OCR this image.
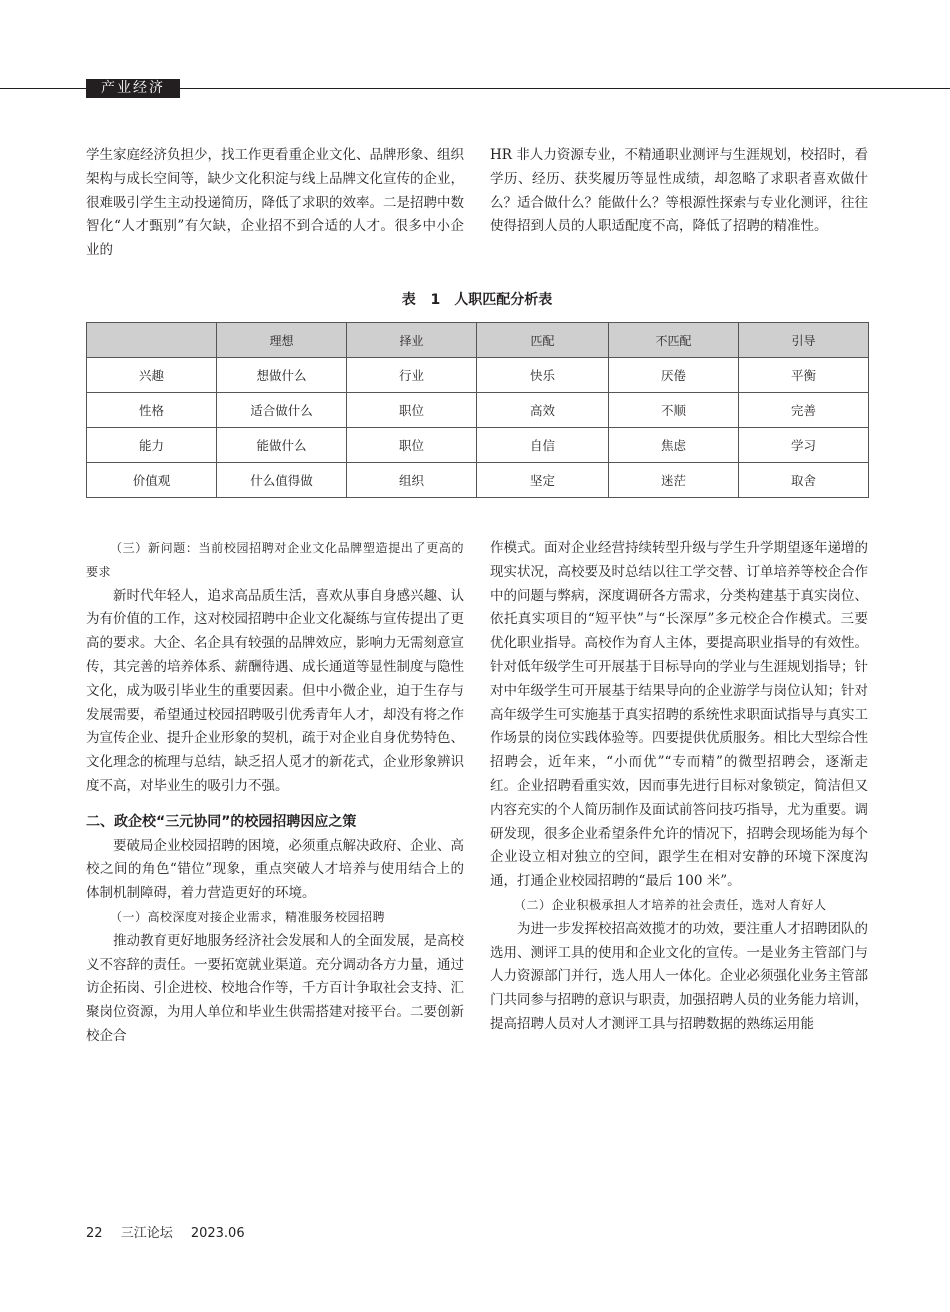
产业经济

学生家庭经济负担少，找工作更看重企业文化、品牌形象、组织架构与成长空间等，缺少文化积淀与线上品牌文化宣传的企业，很难吸引学生主动投递简历，降低了求职的效率。二是招聘中数智化“人才甄别”有欠缺，企业招不到合适的人才。很多中小企业的

HR 非人力资源专业，不精通职业测评与生涯规划，校招时，看学历、经历、获奖履历等显性成绩，却忽略了求职者喜欢做什么？适合做什么？能做什么？等根源性探索与专业化测评，往往使得招到人员的人职适配度不高，降低了招聘的精准性。

表 1　人职匹配分析表
	理想	择业	匹配	不匹配	引导
兴趣	想做什么	行业	快乐	厌倦	平衡
性格	适合做什么	职位	高效	不顺	完善
能力	能做什么	职位	自信	焦虑	学习
价值观	什么值得做	组织	坚定	迷茫	取舍

（三）新问题：当前校园招聘对企业文化品牌塑造提出了更高的要求

新时代年轻人，追求高品质生活，喜欢从事自身感兴趣、认为有价值的工作，这对校园招聘中企业文化凝练与宣传提出了更高的要求。大企、名企具有较强的品牌效应，影响力无需刻意宣传，其完善的培养体系、薪酬待遇、成长通道等显性制度与隐性文化，成为吸引毕业生的重要因素。但中小微企业，迫于生存与发展需要，希望通过校园招聘吸引优秀青年人才，却没有将之作为宣传企业、提升企业形象的契机，疏于对企业自身优势特色、文化理念的梳理与总结，缺乏招人觅才的新花式，企业形象辨识度不高，对毕业生的吸引力不强。

二、政企校“三元协同”的校园招聘因应之策

要破局企业校园招聘的困境，必须重点解决政府、企业、高校之间的角色“错位”现象，重点突破人才培养与使用结合上的体制机制障碍，着力营造更好的环境。

（一）高校深度对接企业需求，精准服务校园招聘

推动教育更好地服务经济社会发展和人的全面发展，是高校义不容辞的责任。一要拓宽就业渠道。充分调动各方力量，通过访企拓岗、引企进校、校地合作等，千方百计争取社会支持、汇聚岗位资源，为用人单位和毕业生供需搭建对接平台。二要创新校企合

作模式。面对企业经营持续转型升级与学生升学期望逐年递增的现实状况，高校要及时总结以往工学交替、订单培养等校企合作中的问题与弊病，深度调研各方需求，分类构建基于真实岗位、依托真实项目的“短平快”与“长深厚”多元校企合作模式。三要优化职业指导。高校作为育人主体，要提高职业指导的有效性。针对低年级学生可开展基于目标导向的学业与生涯规划指导；针对中年级学生可开展基于结果导向的企业游学与岗位认知；针对高年级学生可实施基于真实招聘的系统性求职面试指导与真实工作场景的岗位实践体验等。四要提供优质服务。相比大型综合性招聘会，近年来，“小而优”“专而精”的微型招聘会，逐渐走红。企业招聘看重实效，因而事先进行目标对象锁定，简洁但又内容充实的个人简历制作及面试前答问技巧指导，尤为重要。调研发现，很多企业希望条件允许的情况下，招聘会现场能为每个企业设立相对独立的空间，跟学生在相对安静的环境下深度沟通，打通企业校园招聘的“最后 100 米”。

（二）企业积极承担人才培养的社会责任，选对人育好人

为进一步发挥校招高效揽才的功效，要注重人才招聘团队的选用、测评工具的使用和企业文化的宣传。一是业务主管部门与人力资源部门并行，选人用人一体化。企业必须强化业务主管部门共同参与招聘的意识与职责，加强招聘人员的业务能力培训，提高招聘人员对人才测评工具与招聘数据的熟练运用能

22 三江论坛 2023.06
